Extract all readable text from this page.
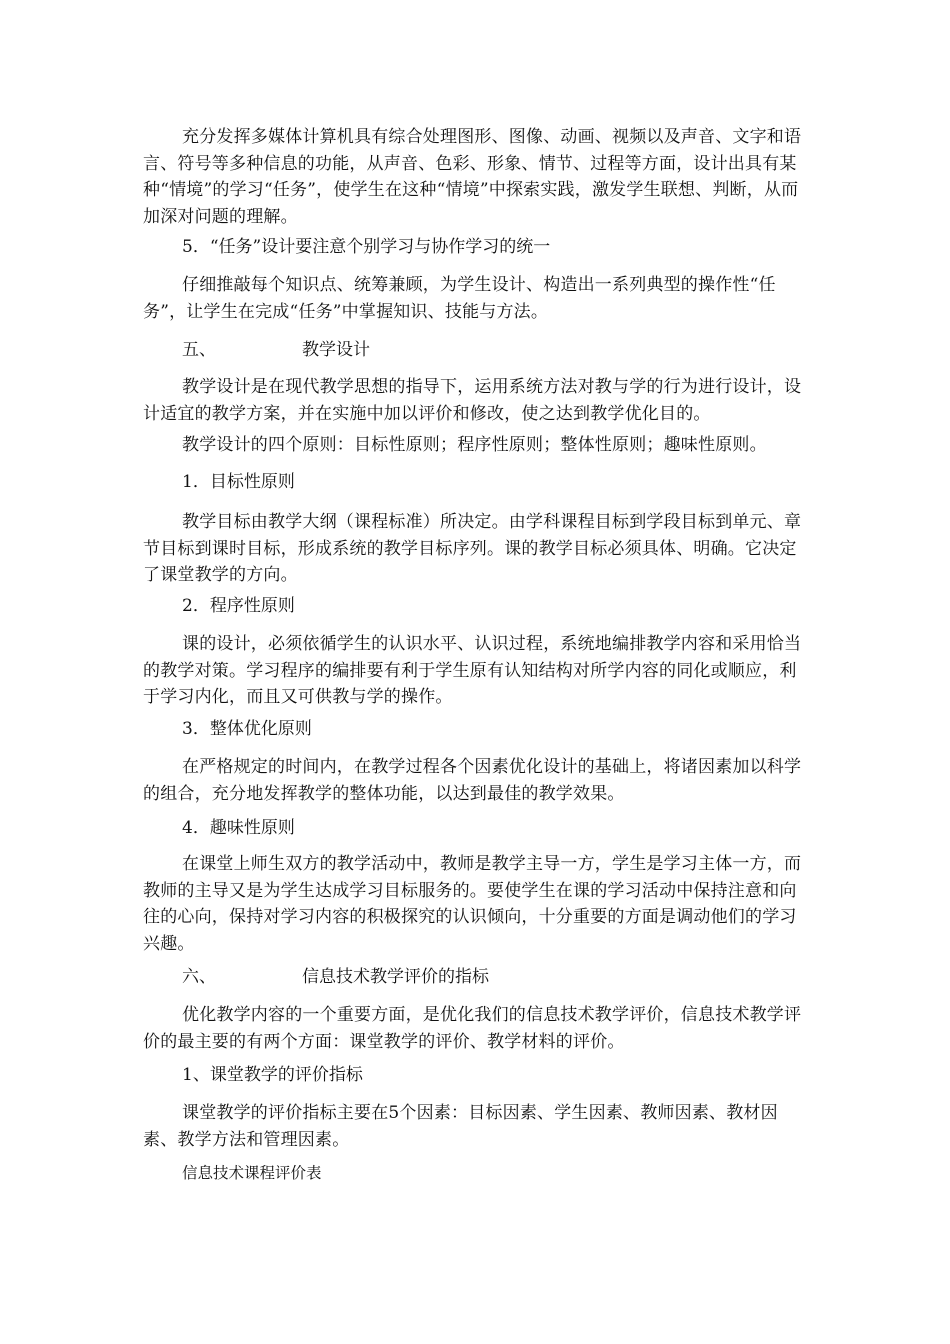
充分发挥多媒体计算机具有综合处理图形、图像、动画、视频以及声音、文字和语言、符号等多种信息的功能，从声音、色彩、形象、情节、过程等方面，设计出具有某种“情境”的学习“任务”，使学生在这种“情境”中探索实践，激发学生联想、判断，从而加深对问题的理解。

5．“任务”设计要注意个别学习与协作学习的统一

仔细推敲每个知识点、统筹兼顾，为学生设计、构造出一系列典型的操作性“任务”，让学生在完成“任务”中掌握知识、技能与方法。

五、	教学设计

教学设计是在现代教学思想的指导下，运用系统方法对教与学的行为进行设计，设计适宜的教学方案，并在实施中加以评价和修改，使之达到教学优化目的。

教学设计的四个原则：目标性原则；程序性原则；整体性原则；趣味性原则。

1．目标性原则

教学目标由教学大纲（课程标准）所决定。由学科课程目标到学段目标到单元、章节目标到课时目标，形成系统的教学目标序列。课的教学目标必须具体、明确。它决定了课堂教学的方向。

2．程序性原则

课的设计，必须依循学生的认识水平、认识过程，系统地编排教学内容和采用恰当的教学对策。学习程序的编排要有利于学生原有认知结构对所学内容的同化或顺应，利于学习内化，而且又可供教与学的操作。

3．整体优化原则

在严格规定的时间内，在教学过程各个因素优化设计的基础上，将诸因素加以科学的组合，充分地发挥教学的整体功能，以达到最佳的教学效果。

4．趣味性原则

在课堂上师生双方的教学活动中，教师是教学主导一方，学生是学习主体一方，而教师的主导又是为学生达成学习目标服务的。要使学生在课的学习活动中保持注意和向往的心向，保持对学习内容的积极探究的认识倾向，十分重要的方面是调动他们的学习兴趣。

六、	信息技术教学评价的指标

优化教学内容的一个重要方面，是优化我们的信息技术教学评价，信息技术教学评价的最主要的有两个方面：课堂教学的评价、教学材料的评价。

1、课堂教学的评价指标

课堂教学的评价指标主要在5个因素：目标因素、学生因素、教师因素、教材因素、教学方法和管理因素。

信息技术课程评价表
